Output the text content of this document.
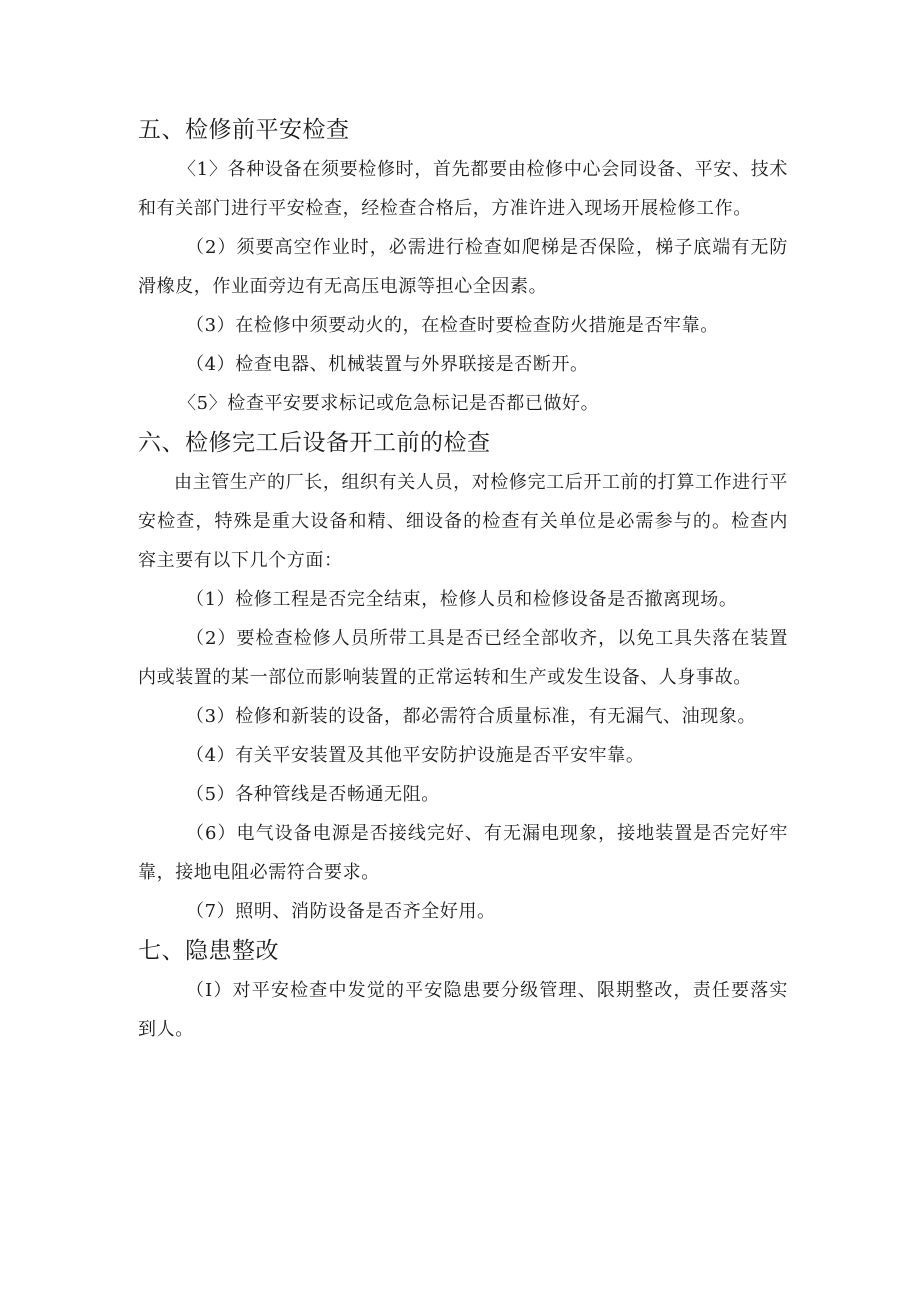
五、检修前平安检查

〈1〉各种设备在须要检修时，首先都要由检修中心会同设备、平安、技术和有关部门进行平安检查，经检查合格后，方准许进入现场开展检修工作。

（2）须要高空作业时，必需进行检查如爬梯是否保险，梯子底端有无防滑橡皮，作业面旁边有无高压电源等担心全因素。

（3）在检修中须要动火的，在检查时要检查防火措施是否牢靠。

（4）检查电器、机械装置与外界联接是否断开。

〈5〉检查平安要求标记或危急标记是否都已做好。

六、检修完工后设备开工前的检查

由主管生产的厂长，组织有关人员，对检修完工后开工前的打算工作进行平安检查，特殊是重大设备和精、细设备的检查有关单位是必需参与的。检查内容主要有以下几个方面：

（1）检修工程是否完全结束，检修人员和检修设备是否撤离现场。

（2）要检查检修人员所带工具是否已经全部收齐，以免工具失落在装置内或装置的某一部位而影响装置的正常运转和生产或发生设备、人身事故。

（3）检修和新装的设备，都必需符合质量标准，有无漏气、油现象。

（4）有关平安装置及其他平安防护设施是否平安牢靠。

（5）各种管线是否畅通无阻。

（6）电气设备电源是否接线完好、有无漏电现象，接地装置是否完好牢靠，接地电阻必需符合要求。

（7）照明、消防设备是否齐全好用。

七、隐患整改

（I）对平安检查中发觉的平安隐患要分级管理、限期整改，责任要落实到人。
